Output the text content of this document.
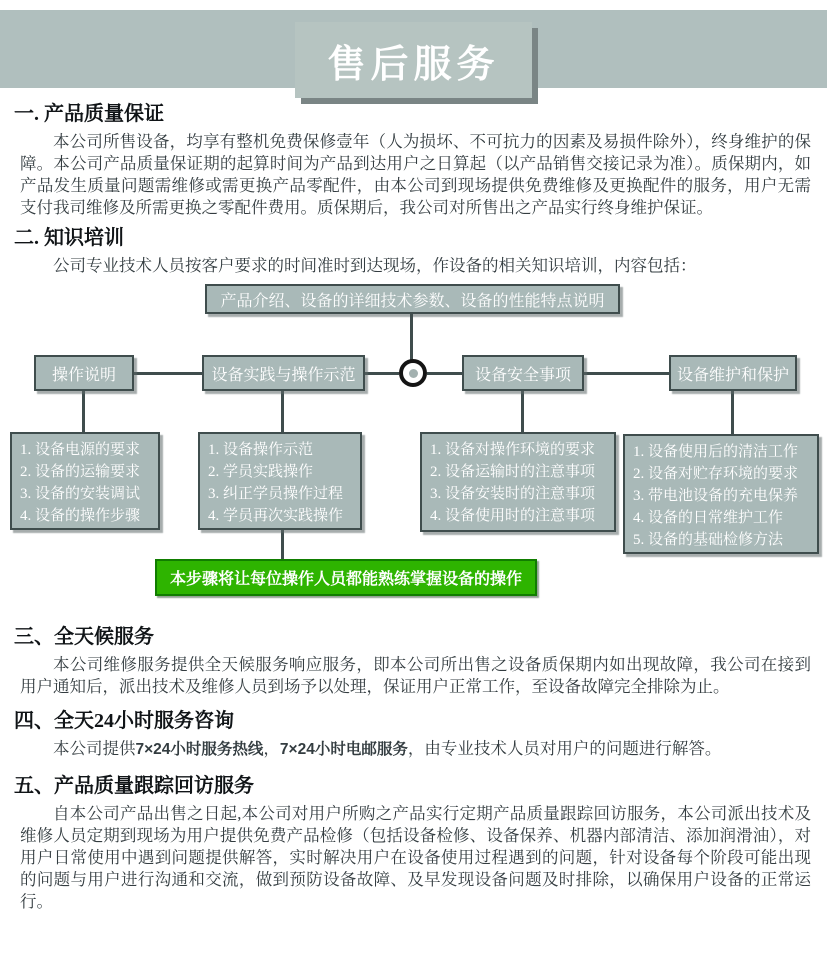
售后服务
一. 产品质量保证

本公司所售设备，均享有整机免费保修壹年（人为损坏、不可抗力的因素及易损件除外），终身维护的保障。本公司产品质量保证期的起算时间为产品到达用户之日算起（以产品销售交接记录为准）。质保期内，如产品发生质量问题需维修或需更换产品零配件，由本公司到现场提供免费维修及更换配件的服务，用户无需支付我司维修及所需更换之零配件费用。质保期后，我公司对所售出之产品实行终身维护保证。

二. 知识培训

公司专业技术人员按客户要求的时间准时到达现场，作设备的相关知识培训，内容包括：

产品介绍、设备的详细技术参数、设备的性能特点说明
操作说明	设备实践与操作示范	设备安全事项	设备维护和保护
1. 设备电源的要求
2. 设备的运输要求
3. 设备的安装调试
4. 设备的操作步骤
1. 设备操作示范
2. 学员实践操作
3. 纠正学员操作过程
4. 学员再次实践操作
1. 设备对操作环境的要求
2. 设备运输时的注意事项
3. 设备安装时的注意事项
4. 设备使用时的注意事项
1. 设备使用后的清洁工作
2. 设备对贮存环境的要求
3. 带电池设备的充电保养
4. 设备的日常维护工作
5. 设备的基础检修方法
本步骤将让每位操作人员都能熟练掌握设备的操作
三、全天候服务

本公司维修服务提供全天候服务响应服务，即本公司所出售之设备质保期内如出现故障，我公司在接到用户通知后，派出技术及维修人员到场予以处理，保证用户正常工作，至设备故障完全排除为止。

四、全天24小时服务咨询

本公司提供7×24小时服务热线，7×24小时电邮服务，由专业技术人员对用户的问题进行解答。

五、产品质量跟踪回访服务

自本公司产品出售之日起,本公司对用户所购之产品实行定期产品质量跟踪回访服务，本公司派出技术及维修人员定期到现场为用户提供免费产品检修（包括设备检修、设备保养、机器内部清洁、添加润滑油），对用户日常使用中遇到问题提供解答，实时解决用户在设备使用过程遇到的问题，针对设备每个阶段可能出现的问题与用户进行沟通和交流，做到预防设备故障、及早发现设备问题及时排除，以确保用户设备的正常运行。
